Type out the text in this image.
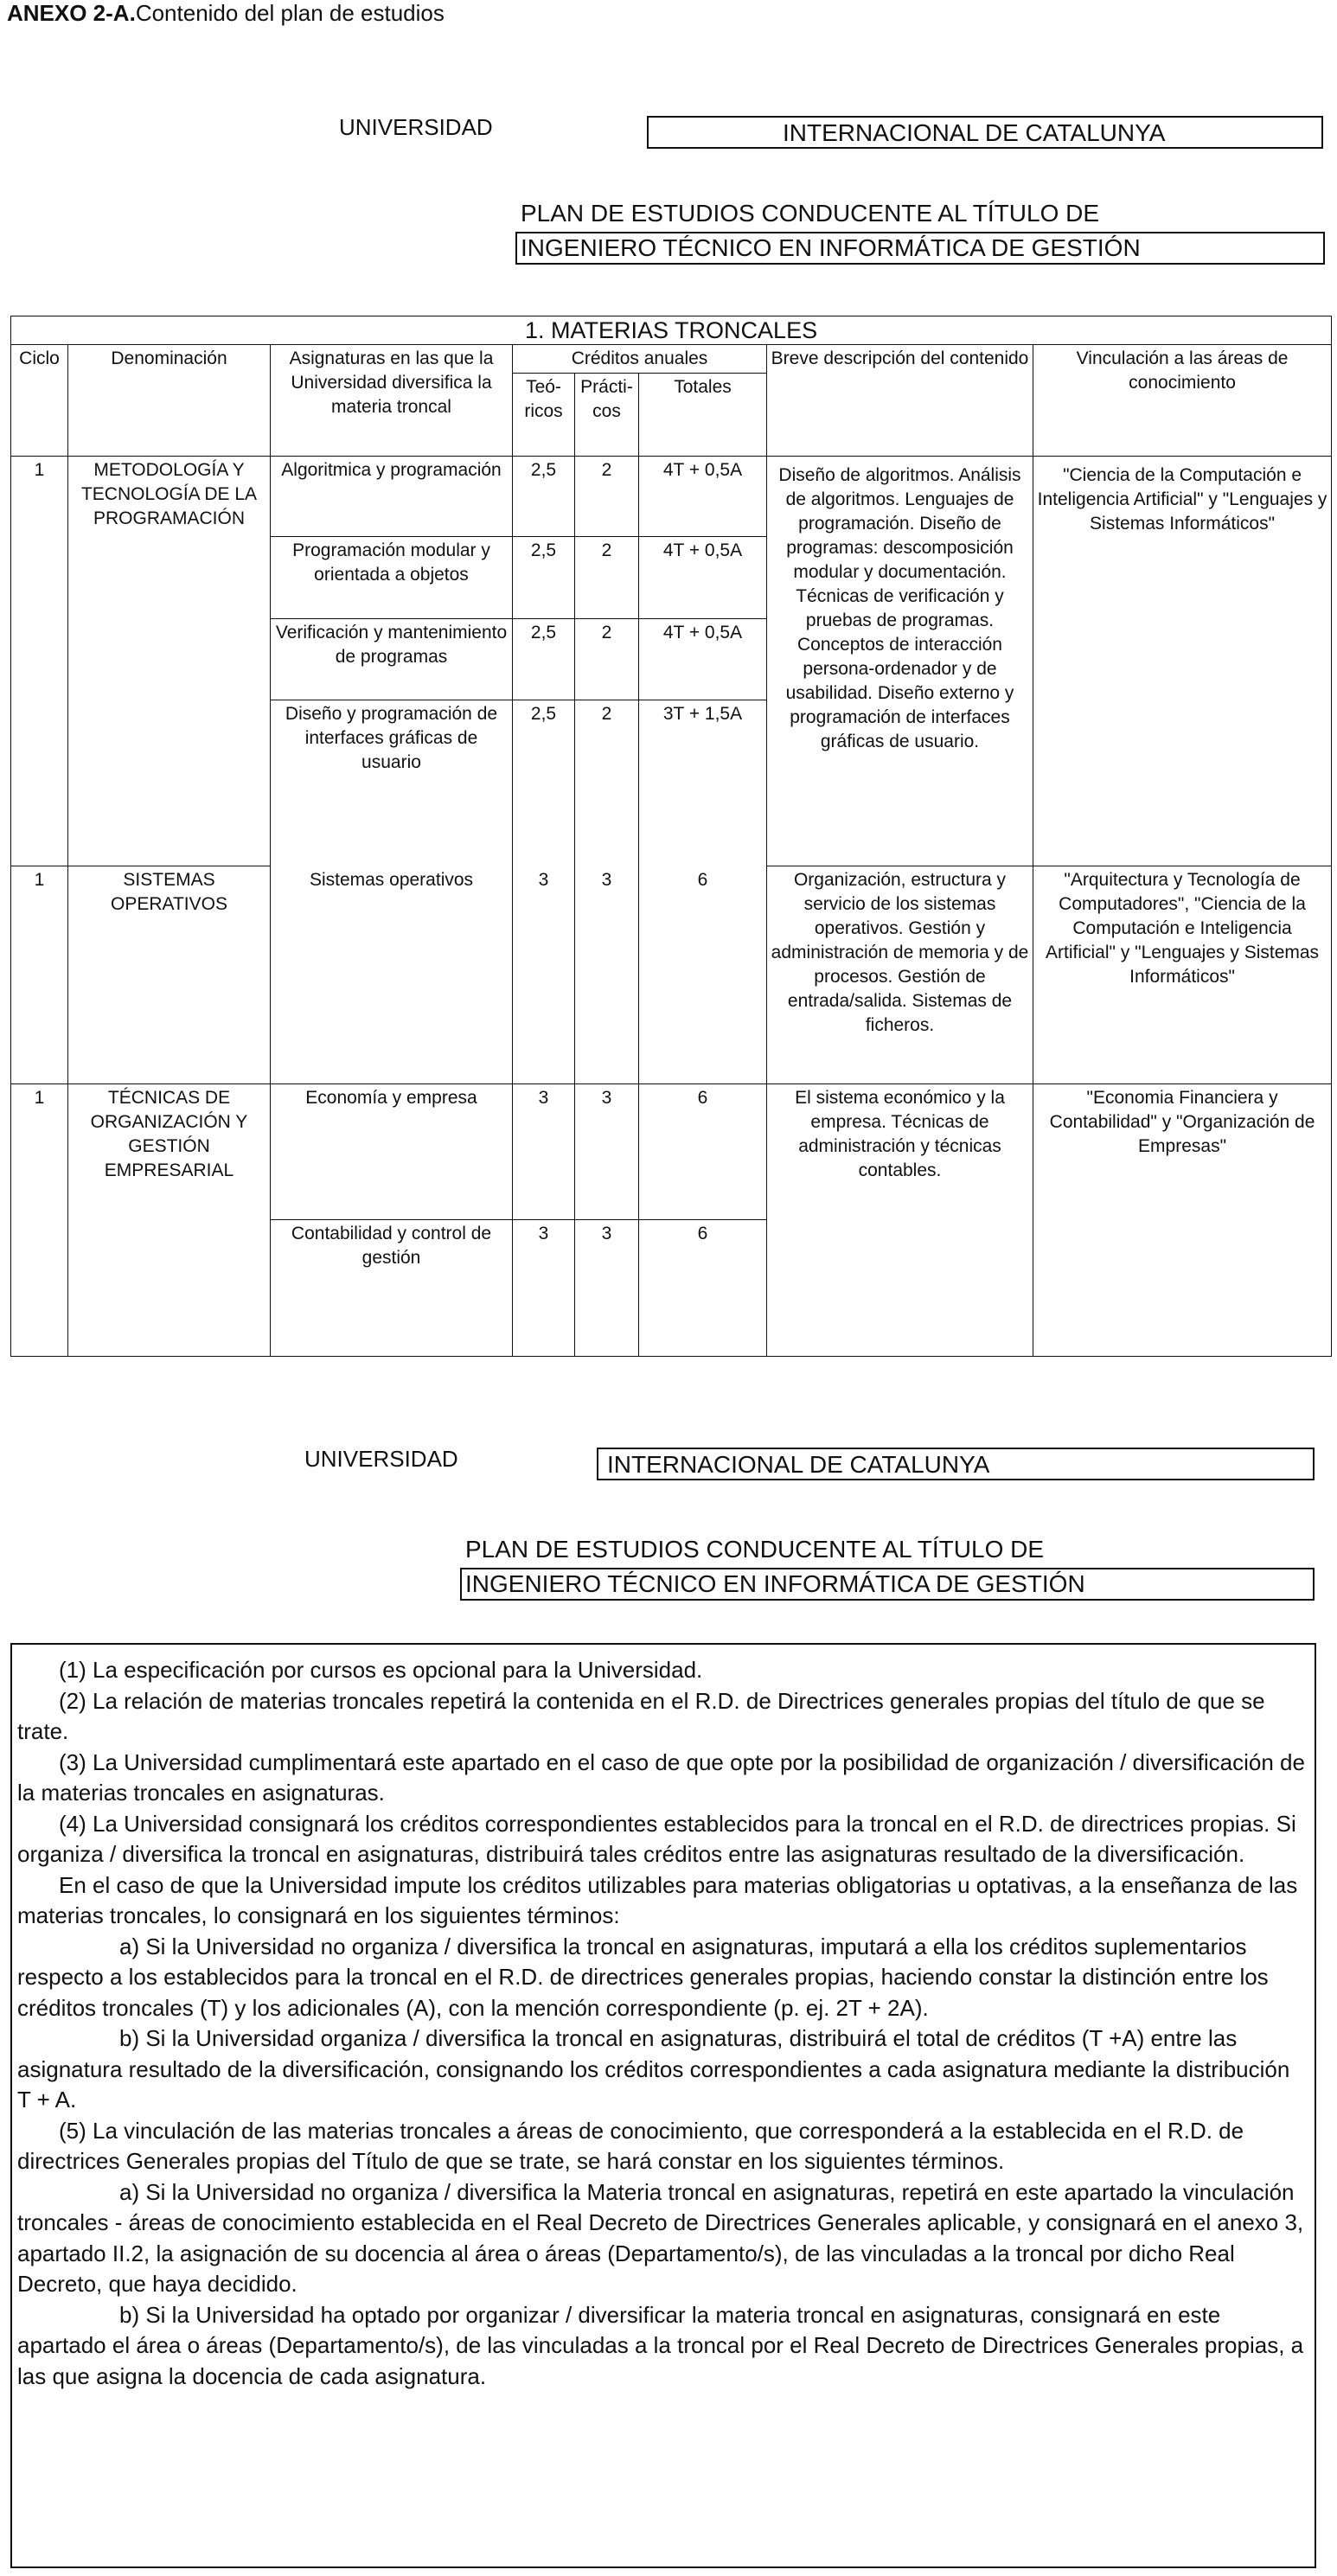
ANEXO 2-A.Contenido del plan de estudios
UNIVERSIDAD	INTERNACIONAL DE CATALUNYA
PLAN DE ESTUDIOS CONDUCENTE AL TÍTULO DE
INGENIERO TÉCNICO EN INFORMÁTICA DE GESTIÓN
1. MATERIAS TRONCALES							
Ciclo	Denominación	Asignaturas en las que la Universidad diversifica la materia troncal	Créditos anuales			Breve descripción del contenido	Vinculación a las áreas de conocimiento
			Teó-ricos	Prácti-cos	Totales		
1	METODOLOGÍA Y TECNOLOGÍA DE LA PROGRAMACIÓN	Algoritmica y programación	2,5	2	4T + 0,5A	Diseño de algoritmos. Análisis de algoritmos. Lenguajes de programación. Diseño de programas: descomposición modular y documentación. Técnicas de verificación y pruebas de programas. Conceptos de interacción persona-ordenador y de usabilidad. Diseño externo y programación de interfaces gráficas de usuario.	"Ciencia de la Computación e Inteligencia Artificial" y "Lenguajes y Sistemas Informáticos"
		Programación modular y orientada a objetos	2,5	2	4T + 0,5A		
		Verificación y mantenimiento de programas	2,5	2	4T + 0,5A		
		Diseño y programación de interfaces gráficas de usuario	2,5	2	3T + 1,5A		
1	SISTEMAS OPERATIVOS	Sistemas operativos	3	3	6	Organización, estructura y servicio de los sistemas operativos. Gestión y administración de memoria y de procesos. Gestión de entrada/salida. Sistemas de ficheros.	"Arquitectura y Tecnología de Computadores", "Ciencia de la Computación e Inteligencia Artificial" y "Lenguajes y Sistemas Informáticos"
1	TÉCNICAS DE ORGANIZACIÓN Y GESTIÓN EMPRESARIAL	Economía y empresa	3	3	6	El sistema económico y la empresa. Técnicas de administración y técnicas contables.	"Economia Financiera y Contabilidad" y "Organización de Empresas"
		Contabilidad y control de gestión	3	3	6		
UNIVERSIDAD	INTERNACIONAL DE CATALUNYA
PLAN DE ESTUDIOS CONDUCENTE AL TÍTULO DE
INGENIERO TÉCNICO EN INFORMÁTICA DE GESTIÓN

(1) La especificación por cursos es opcional para la Universidad.

(2) La relación de materias troncales repetirá la contenida en el R.D. de Directrices generales propias del título de que se trate.

(3) La Universidad cumplimentará este apartado en el caso de que opte por la posibilidad de organización / diversificación de la materias troncales en asignaturas.

(4) La Universidad consignará los créditos correspondientes establecidos para la troncal en el R.D. de directrices propias. Si organiza / diversifica la troncal en asignaturas, distribuirá tales créditos entre las asignaturas resultado de la diversificación.

En el caso de que la Universidad impute los créditos utilizables para materias obligatorias u optativas, a la enseñanza de las materias troncales, lo consignará en los siguientes términos:

a) Si la Universidad no organiza / diversifica la troncal en asignaturas, imputará a ella los créditos suplementarios respecto a los establecidos para la troncal en el R.D. de directrices generales propias, haciendo constar la distinción entre los créditos troncales (T) y los adicionales (A), con la mención correspondiente (p. ej. 2T + 2A).

b) Si la Universidad organiza / diversifica la troncal en asignaturas, distribuirá el total de créditos (T +A) entre las asignatura resultado de la diversificación, consignando los créditos correspondientes a cada asignatura mediante la distribución T + A.

(5) La vinculación de las materias troncales a áreas de conocimiento, que corresponderá a la establecida en el R.D. de directrices Generales propias del Título de que se trate, se hará constar en los siguientes términos.

a) Si la Universidad no organiza / diversifica la Materia troncal en asignaturas, repetirá en este apartado la vinculación troncales - áreas de conocimiento establecida en el Real Decreto de Directrices Generales aplicable, y consignará en el anexo 3, apartado II.2, la asignación de su docencia al área o áreas (Departamento/s), de las vinculadas a la troncal por dicho Real Decreto, que haya decidido.

b) Si la Universidad ha optado por organizar / diversificar la materia troncal en asignaturas, consignará en este apartado el área o áreas (Departamento/s), de las vinculadas a la troncal por el Real Decreto de Directrices Generales propias, a las que asigna la docencia de cada asignatura.
